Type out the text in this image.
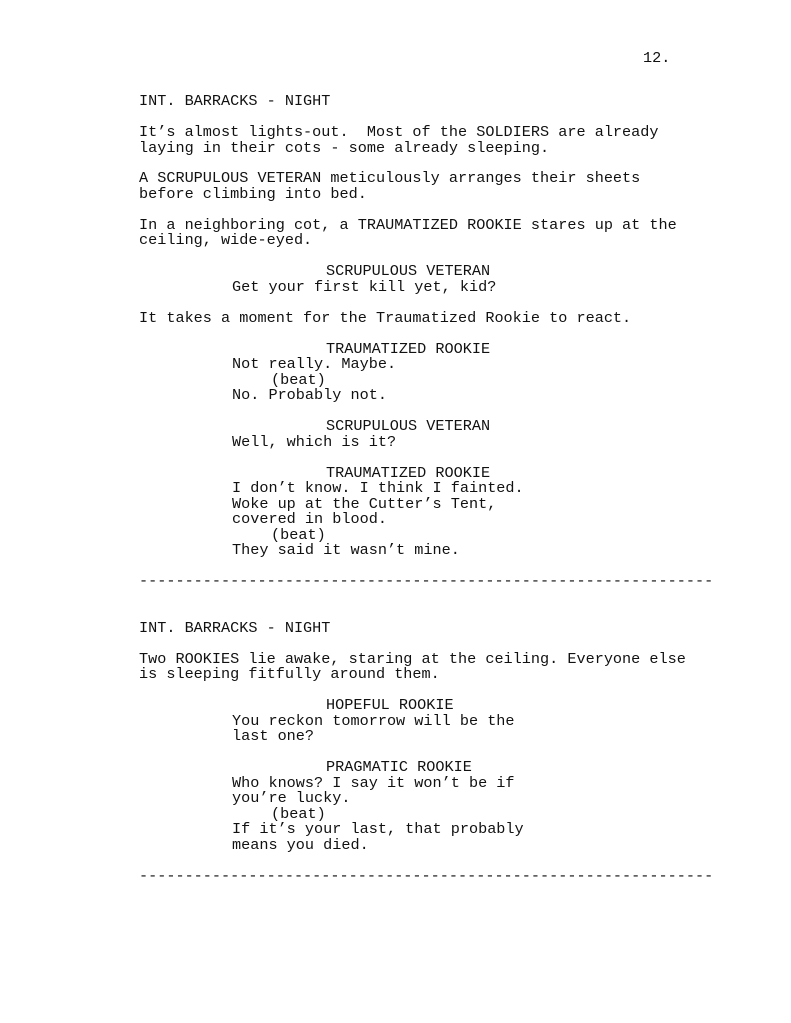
12.
INT. BARRACKS - NIGHT
It’s almost lights-out.  Most of the SOLDIERS are already
laying in their cots - some already sleeping.
A SCRUPULOUS VETERAN meticulously arranges their sheets
before climbing into bed.
In a neighboring cot, a TRAUMATIZED ROOKIE stares up at the
ceiling, wide-eyed.
SCRUPULOUS VETERAN
Get your first kill yet, kid?
It takes a moment for the Traumatized Rookie to react.
TRAUMATIZED ROOKIE
Not really. Maybe.
(beat)
No. Probably not.
SCRUPULOUS VETERAN
Well, which is it?
TRAUMATIZED ROOKIE
I don’t know. I think I fainted.
Woke up at the Cutter’s Tent,
covered in blood.
(beat)
They said it wasn’t mine.
---------------------------------------------------------------
INT. BARRACKS - NIGHT
Two ROOKIES lie awake, staring at the ceiling. Everyone else
is sleeping fitfully around them.
HOPEFUL ROOKIE
You reckon tomorrow will be the
last one?
PRAGMATIC ROOKIE
Who knows? I say it won’t be if
you’re lucky.
(beat)
If it’s your last, that probably
means you died.
---------------------------------------------------------------
